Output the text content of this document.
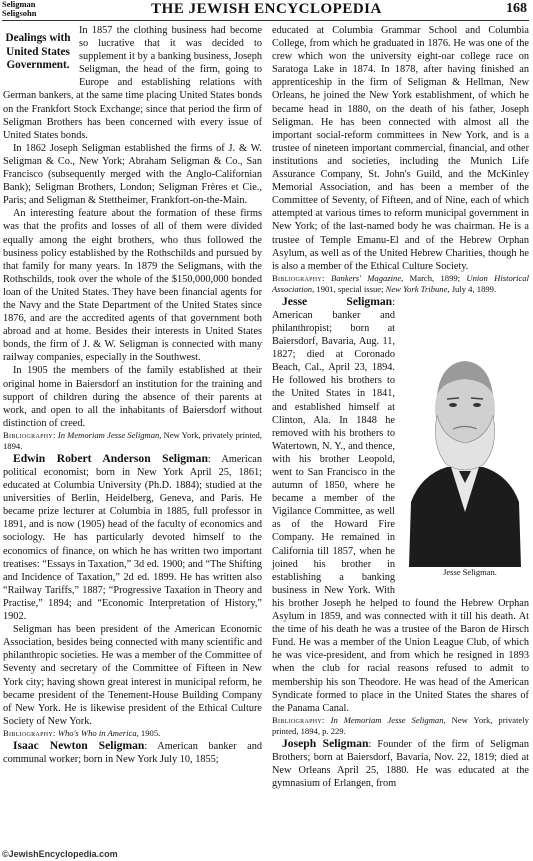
Seligman
Seligsohn	THE JEWISH ENCYCLOPEDIA	168

Dealings with United States Government.
In 1857 the clothing business had become so lucrative that it was decided to supplement it by a banking business, Joseph Seligman, the head of the firm, going to Europe and establishing relations with German bankers, at the same time placing United States bonds on the Frankfort Stock Exchange; since that period the firm of Seligman Brothers has been concerned with every issue of United States bonds.

In 1862 Joseph Seligman established the firms of J. & W. Seligman & Co., New York; Abraham Seligman & Co., San Francisco (subsequently merged with the Anglo-Californian Bank); Seligman Brothers, London; Seligman Frères et Cie., Paris; and Seligman & Stettheimer, Frankfort-on-the-Main.

An interesting feature about the formation of these firms was that the profits and losses of all of them were divided equally among the eight brothers, who thus followed the business policy established by the Rothschilds and pursued by that family for many years. In 1879 the Seligmans, with the Rothschilds, took over the whole of the $150,000,000 bonded loan of the United States. They have been financial agents for the Navy and the State Department of the United States since 1876, and are the accredited agents of that government both abroad and at home. Besides their interests in United States bonds, the firm of J. & W. Seligman is connected with many railway companies, especially in the Southwest.

In 1905 the members of the family established at their original home in Baiersdorf an institution for the training and support of children during the absence of their parents at work, and open to all the inhabitants of Baiersdorf without distinction of creed.

Bibliography: In Memoriam Jesse Seligman, New York, privately printed, 1894.

Edwin Robert Anderson Seligman: American political economist; born in New York April 25, 1861; educated at Columbia University (Ph.D. 1884); studied at the universities of Berlin, Heidelberg, Geneva, and Paris. He became prize lecturer at Columbia in 1885, full professor in 1891, and is now (1905) head of the faculty of economics and sociology. He has particularly devoted himself to the economics of finance, on which he has written two important treatises: “Essays in Taxation,” 3d ed. 1900; and “The Shifting and Incidence of Taxation,” 2d ed. 1899. He has written also “Railway Tariffs,” 1887; “Progressive Taxation in Theory and Practise,” 1894; and “Economic Interpretation of History,” 1902.

Seligman has been president of the American Economic Association, besides being connected with many scientific and philanthropic societies. He was a member of the Committee of Seventy and secretary of the Committee of Fifteen in New York city; having shown great interest in municipal reform, he became president of the Tenement-House Building Company of New York. He is likewise president of the Ethical Culture Society of New York.

Bibliography: Who's Who in America, 1905.

Isaac Newton Seligman: American banker and communal worker; born in New York July 10, 1855;

educated at Columbia Grammar School and Columbia College, from which he graduated in 1876. He was one of the crew which won the university eight-oar college race on Saratoga Lake in 1874. In 1878, after having finished an apprenticeship in the firm of Seligman & Hellman, New Orleans, he joined the New York establishment, of which he became head in 1880, on the death of his father, Joseph Seligman. He has been connected with almost all the important social-reform committees in New York, and is a trustee of nineteen important commercial, financial, and other institutions and societies, including the Munich Life Assurance Company, St. John's Guild, and the McKinley Memorial Association, and has been a member of the Committee of Seventy, of Fifteen, and of Nine, each of which attempted at various times to reform municipal government in New York; of the last-named body he was chairman. He is a trustee of Temple Emanu-El and of the Hebrew Orphan Asylum, as well as of the United Hebrew Charities, though he is also a member of the Ethical Culture Society.

Bibliography: Bankers' Magazine, March, 1899; Union Historical Association, 1901, special issue; New York Tribune, July 4, 1899.

Jesse Seligman.
Jesse Seligman: American banker and philanthropist; born at Baiersdorf, Bavaria, Aug. 11, 1827; died at Coronado Beach, Cal., April 23, 1894. He followed his brothers to the United States in 1841, and established himself at Clinton, Ala. In 1848 he removed with his brothers to Watertown, N. Y., and thence, with his brother Leopold, went to San Francisco in the autumn of 1850, where he became a member of the Vigilance Committee, as well as of the Howard Fire Company. He remained in California till 1857, when he joined his brother in establishing a banking business in New York. With his brother Joseph he helped to found the Hebrew Orphan Asylum in 1859, and was connected with it till his death. At the time of his death he was a trustee of the Baron de Hirsch Fund. He was a member of the Union League Club, of which he was vice-president, and from which he resigned in 1893 when the club for racial reasons refused to admit to membership his son Theodore. He was head of the American Syndicate formed to place in the United States the shares of the Panama Canal.

Bibliography: In Memoriam Jesse Seligman, New York, privately printed, 1894, p. 229.

Joseph Seligman: Founder of the firm of Seligman Brothers; born at Baiersdorf, Bavaria, Nov. 22, 1819; died at New Orleans April 25, 1880. He was educated at the gymnasium of Erlangen, from

©JewishEncyclopedia.com
